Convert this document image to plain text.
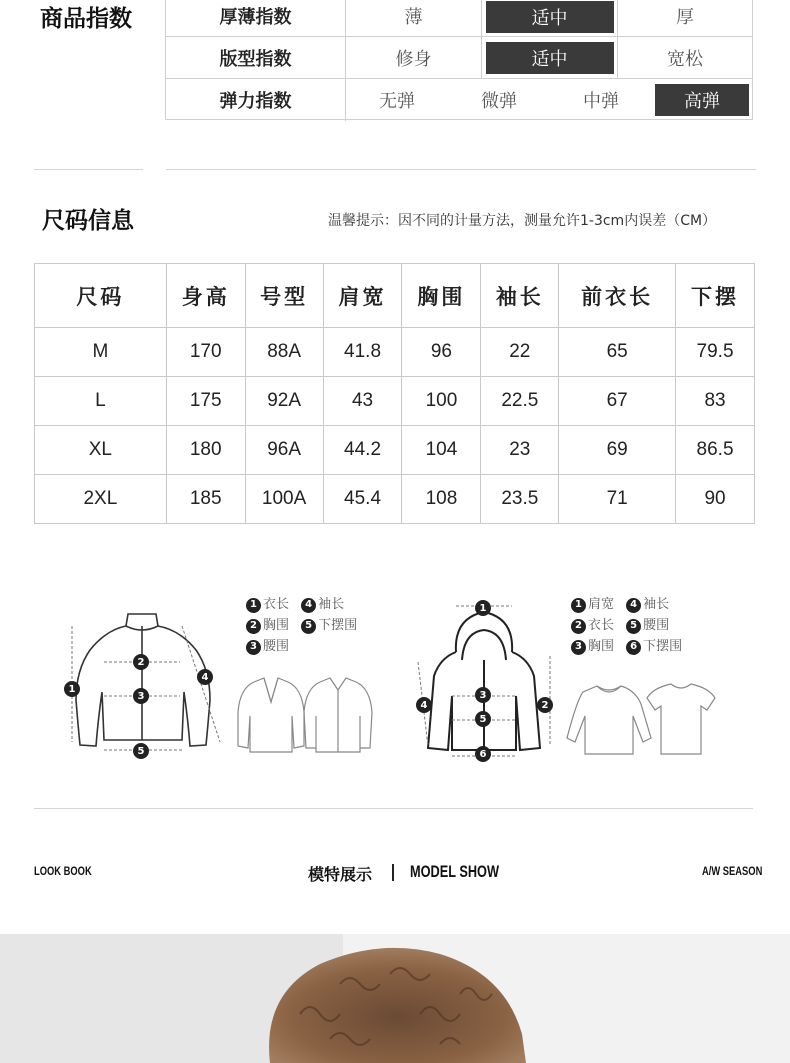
商品指数	厚薄指数	薄	适中	厚
版型指数	修身	适中	宽松
弹力指数	无弹	微弹	中弹	高弹
尺码信息	温馨提示：因不同的计量方法，测量允许1-3cm内误差（CM）
尺码	身高	号型	肩宽	胸围	袖长	前衣长	下摆
M	170	88A	41.8	96	22	65	79.5
L	175	92A	43	100	22.5	67	83
XL	180	96A	44.2	104	23	69	86.5
2XL	185	100A	45.4	108	23.5	71	90
1
2
3
4
5
1 衣长
	4 袖长
2 胸围
	5 下摆围
3 腰围
1
2
3
4
5
6
1 肩宽
	4 袖长
2 衣长
	5 腰围
3 胸围
	6 下摆围
LOOK BOOK	模特展示 MODEL SHOW	A/W SEASON
